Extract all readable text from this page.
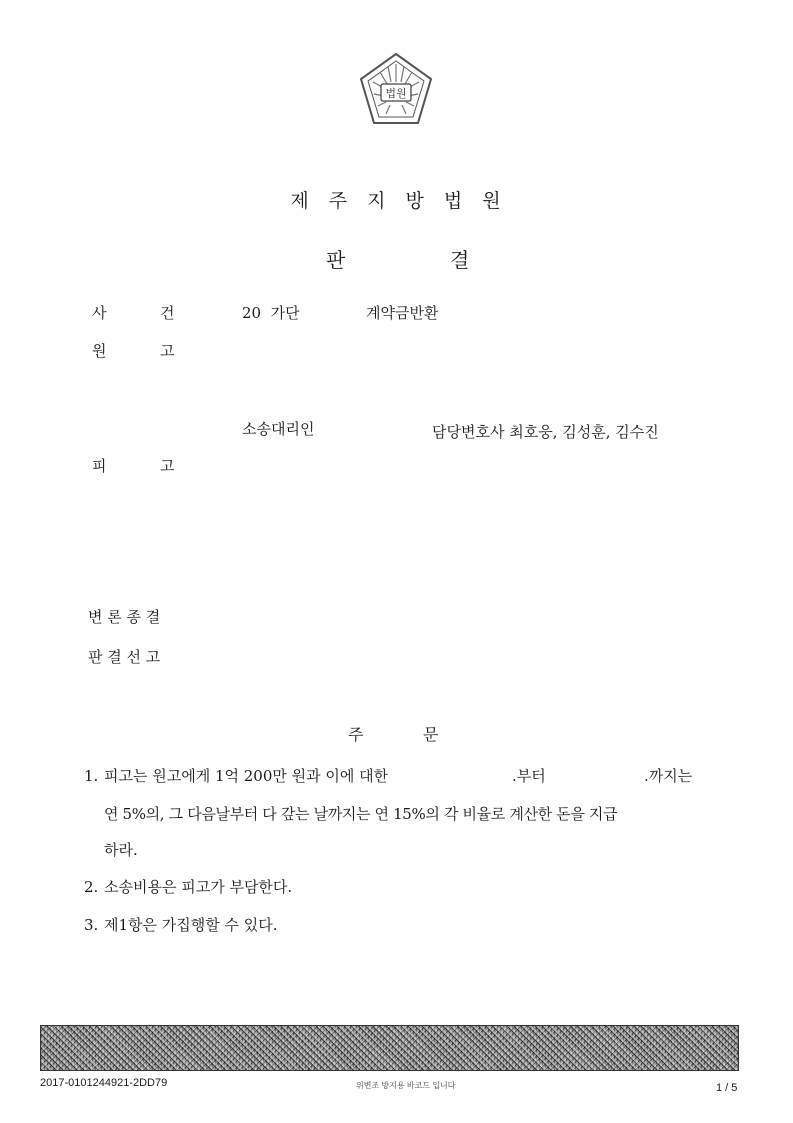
법원
제 주 지 방 법 원
판	결
사	건	20  가단	계약금반환
원	고
소송대리인	담당변호사 최호웅, 김성훈, 김수진
피	고
변 론 종 결
판 결 선 고
주	문
1. 피고는 원고에게 1억 200만 원과 이에 대한	.부터	.까지는
연 5%의, 그 다음날부터 다 갚는 날까지는 연 15%의 각 비율로 계산한 돈을 지급
하라.
2. 소송비용은 피고가 부담한다.
3. 제1항은 가집행할 수 있다.
2017-0101244921-2DD79	위변조 방지용 바코드 입니다	1 / 5
